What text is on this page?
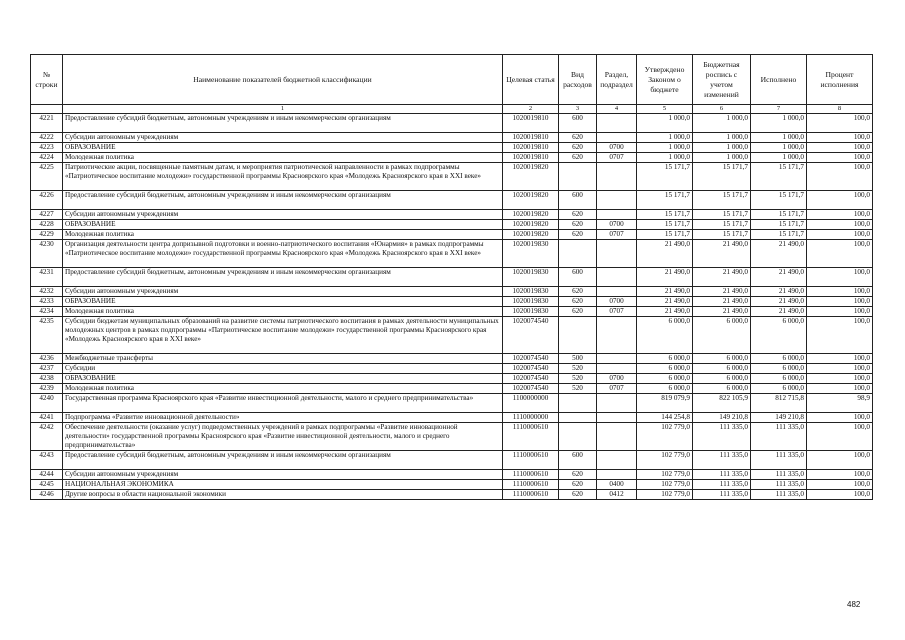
№ строки	Наименование показателей бюджетной классификации	Целевая статья	Вид расходов	Раздел, подраздел	Утверждено Законом о бюджете	Бюджетная роспись с учетом изменений	Исполнено	Процент исполнения
	1	2	3	4	5	6	7	8
4221	Предоставление субсидий бюджетным, автономным учреждениям и иным некоммерческим организациям	1020019810	600		1 000,0	1 000,0	1 000,0	100,0
4222	Субсидии автономным учреждениям	1020019810	620		1 000,0	1 000,0	1 000,0	100,0
4223	ОБРАЗОВАНИЕ	1020019810	620	0700	1 000,0	1 000,0	1 000,0	100,0
4224	Молодежная политика	1020019810	620	0707	1 000,0	1 000,0	1 000,0	100,0
4225	Патриотические акции, посвященные памятным датам, и мероприятия патриотической направленности в рамках подпрограммы «Патриотическое воспитание молодежи» государственной программы Красноярского края «Молодежь Красноярского края в XXI веке»	1020019820			15 171,7	15 171,7	15 171,7	100,0
4226	Предоставление субсидий бюджетным, автономным учреждениям и иным некоммерческим организациям	1020019820	600		15 171,7	15 171,7	15 171,7	100,0
4227	Субсидии автономным учреждениям	1020019820	620		15 171,7	15 171,7	15 171,7	100,0
4228	ОБРАЗОВАНИЕ	1020019820	620	0700	15 171,7	15 171,7	15 171,7	100,0
4229	Молодежная политика	1020019820	620	0707	15 171,7	15 171,7	15 171,7	100,0
4230	Организация деятельности центра допризывной подготовки и военно-патриотического воспитания «Юнармия» в рамках подпрограммы «Патриотическое воспитание молодежи» государственной программы Красноярского края «Молодежь Красноярского края в XXI веке»	1020019830			21 490,0	21 490,0	21 490,0	100,0
4231	Предоставление субсидий бюджетным, автономным учреждениям и иным некоммерческим организациям	1020019830	600		21 490,0	21 490,0	21 490,0	100,0
4232	Субсидии автономным учреждениям	1020019830	620		21 490,0	21 490,0	21 490,0	100,0
4233	ОБРАЗОВАНИЕ	1020019830	620	0700	21 490,0	21 490,0	21 490,0	100,0
4234	Молодежная политика	1020019830	620	0707	21 490,0	21 490,0	21 490,0	100,0
4235	Субсидии бюджетам муниципальных образований на развитие системы патриотического воспитания в рамках деятельности муниципальных молодежных центров в рамках подпрограммы «Патриотическое воспитание молодежи» государственной программы Красноярского края «Молодежь Красноярского края в XXI веке»	1020074540			6 000,0	6 000,0	6 000,0	100,0
4236	Межбюджетные трансферты	1020074540	500		6 000,0	6 000,0	6 000,0	100,0
4237	Субсидии	1020074540	520		6 000,0	6 000,0	6 000,0	100,0
4238	ОБРАЗОВАНИЕ	1020074540	520	0700	6 000,0	6 000,0	6 000,0	100,0
4239	Молодежная политика	1020074540	520	0707	6 000,0	6 000,0	6 000,0	100,0
4240	Государственная программа Красноярского края «Развитие инвестиционной деятельности, малого и среднего предпринимательства»	1100000000			819 079,9	822 105,9	812 715,8	98,9
4241	Подпрограмма «Развитие инновационной деятельности»	1110000000			144 254,8	149 210,8	149 210,8	100,0
4242	Обеспечение деятельности (оказание услуг) подведомственных учреждений в рамках подпрограммы «Развитие инновационной деятельности» государственной программы Красноярского края «Развитие инвестиционной деятельности, малого и среднего предпринимательства»	1110000610			102 779,0	111 335,0	111 335,0	100,0
4243	Предоставление субсидий бюджетным, автономным учреждениям и иным некоммерческим организациям	1110000610	600		102 779,0	111 335,0	111 335,0	100,0
4244	Субсидии автономным учреждениям	1110000610	620		102 779,0	111 335,0	111 335,0	100,0
4245	НАЦИОНАЛЬНАЯ ЭКОНОМИКА	1110000610	620	0400	102 779,0	111 335,0	111 335,0	100,0
4246	Другие вопросы в области национальной экономики	1110000610	620	0412	102 779,0	111 335,0	111 335,0	100,0
482
